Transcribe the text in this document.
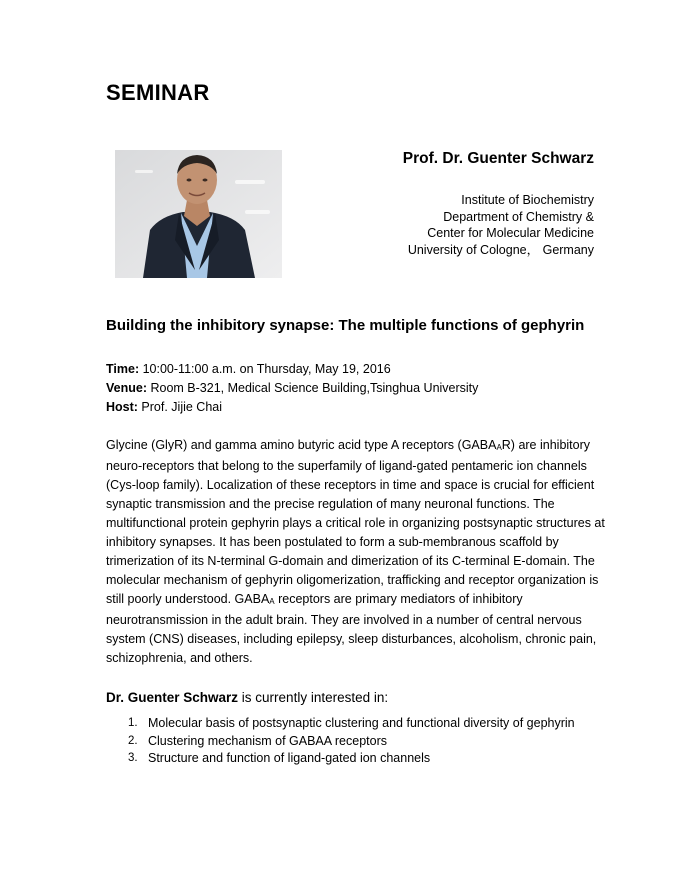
SEMINAR
Prof. Dr. Guenter Schwarz
Institute of Biochemistry
Department of Chemistry &
Center for Molecular Medicine
University of Cologne， Germany
Building the inhibitory synapse: The multiple functions of gephyrin
Time: 10:00-11:00 a.m. on Thursday, May 19, 2016
Venue: Room B-321, Medical Science Building,Tsinghua University
Host: Prof. Jijie Chai

Glycine (GlyR) and gamma amino butyric acid type A receptors $(GABA_AR)$ are inhibitory neuro-receptors that belong to the superfamily of ligand-gated pentameric ion channels (Cys-loop family). Localization of these receptors in time and space is crucial for efficient synaptic transmission and the precise regulation of many neuronal functions. The multifunctional protein gephyrin plays a critical role in organizing postsynaptic structures at inhibitory synapses. It has been postulated to form a sub-membranous scaffold by trimerization of its N-terminal G-domain and dimerization of its C-terminal E-domain. The molecular mechanism of gephyrin oligomerization, trafficking and receptor organization is still poorly understood. $GABA_A$ receptors are primary mediators of inhibitory neurotransmission in the adult brain. They are involved in a number of central nervous system (CNS) diseases, including epilepsy, sleep disturbances, alcoholism, chronic pain, schizophrenia, and others.

Dr. Guenter Schwarz is currently interested in:
1. Molecular basis of postsynaptic clustering and functional diversity of gephyrin
2. Clustering mechanism of GABAA receptors
3. Structure and function of ligand-gated ion channels
